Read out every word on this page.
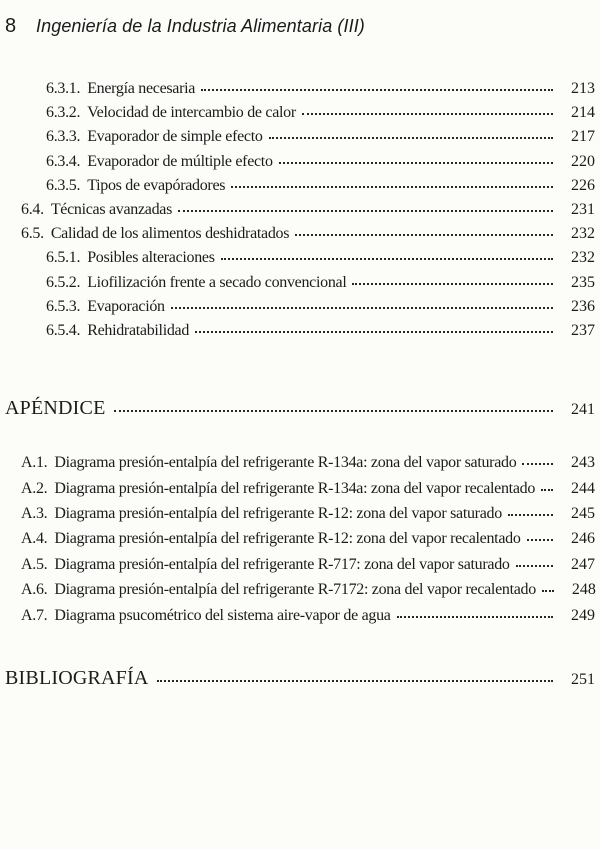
8	Ingeniería de la Industria Alimentaria (III)
6.3.1. Energía necesaria	213
6.3.2. Velocidad de intercambio de calor	214
6.3.3. Evaporador de simple efecto	217
6.3.4. Evaporador de múltiple efecto	220
6.3.5. Tipos de evapóradores	226
6.4. Técnicas avanzadas	231
6.5. Calidad de los alimentos deshidratados	232
6.5.1. Posibles alteraciones	232
6.5.2. Liofilización frente a secado convencional	235
6.5.3. Evaporación	236
6.5.4. Rehidratabilidad	237
APÉNDICE	241
A.1. Diagrama presión-entalpía del refrigerante R-134a: zona del vapor saturado	243
A.2. Diagrama presión-entalpía del refrigerante R-134a: zona del vapor recalentado	244
A.3. Diagrama presión-entalpía del refrigerante R-12: zona del vapor saturado	245
A.4. Diagrama presión-entalpía del refrigerante R-12: zona del vapor recalentado	246
A.5. Diagrama presión-entalpía del refrigerante R-717: zona del vapor saturado	247
A.6. Diagrama presión-entalpía del refrigerante R-7172: zona del vapor recalentado	248
A.7. Diagrama psucométrico del sistema aire-vapor de agua	249
BIBLIOGRAFÍA	251
